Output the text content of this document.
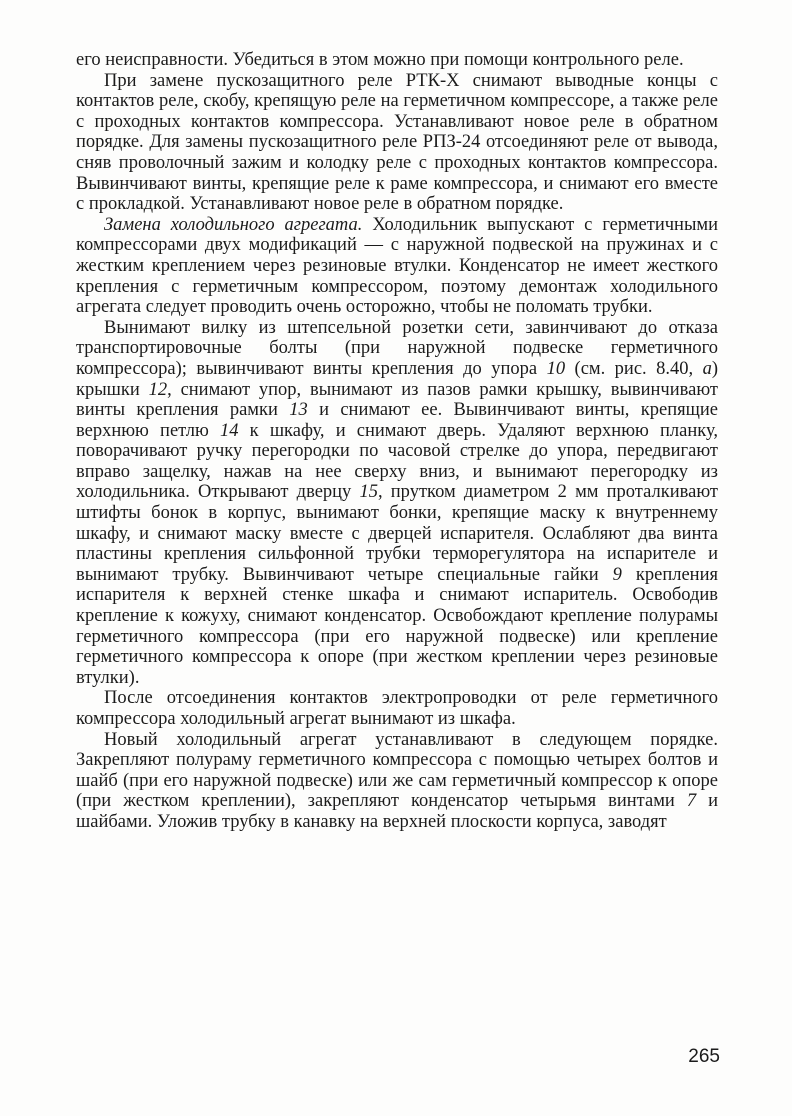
его неисправности. Убедиться в этом можно при помощи контрольного реле.

При замене пускозащитного реле РТК-Х снимают выводные концы с контактов реле, скобу, крепящую реле на герметичном компрессоре, а также реле с проходных контактов компрессора. Устанавливают новое реле в обратном порядке. Для замены пускозащитного реле РПЗ-24 отсоединяют реле от вывода, сняв проволочный зажим и колодку реле с проходных контактов компрессора. Вывинчивают винты, крепящие реле к раме компрессора, и снимают его вместе с прокладкой. Устанавливают новое реле в обратном порядке.

Замена холодильного агрегата. Холодильник выпускают с герметичными компрессорами двух модификаций — с наружной подвеской на пружинах и с жестким креплением через резиновые втулки. Конденсатор не имеет жесткого крепления с герметичным компрессором, поэтому демонтаж холодильного агрегата следует проводить очень осторожно, чтобы не поломать трубки.

Вынимают вилку из штепсельной розетки сети, завинчивают до отказа транспортировочные болты (при наружной подвеске герметичного компрессора); вывинчивают винты крепления до упора 10 (см. рис. 8.40, а) крышки 12, снимают упор, вынимают из пазов рамки крышку, вывинчивают винты крепления рамки 13 и снимают ее. Вывинчивают винты, крепящие верхнюю петлю 14 к шкафу, и снимают дверь. Удаляют верхнюю планку, поворачивают ручку перегородки по часовой стрелке до упора, передвигают вправо защелку, нажав на нее сверху вниз, и вынимают перегородку из холодильника. Открывают дверцу 15, прутком диаметром 2 мм проталкивают штифты бонок в корпус, вынимают бонки, крепящие маску к внутреннему шкафу, и снимают маску вместе с дверцей испарителя. Ослабляют два винта пластины крепления сильфонной трубки терморегулятора на испарителе и вынимают трубку. Вывинчивают четыре специальные гайки 9 крепления испарителя к верхней стенке шкафа и снимают испаритель. Освободив крепление к кожуху, снимают конденсатор. Освобождают крепление полурамы герметичного компрессора (при его наружной подвеске) или крепление герметичного компрессора к опоре (при жестком креплении через резиновые втулки).

После отсоединения контактов электропроводки от реле герметичного компрессора холодильный агрегат вынимают из шкафа.

Новый холодильный агрегат устанавливают в следующем порядке. Закрепляют полураму герметичного компрессора с помощью четырех болтов и шайб (при его наружной подвеске) или же сам герметичный компрессор к опоре (при жестком креплении), закрепляют конденсатор четырьмя винтами 7 и шайбами. Уложив трубку в канавку на верхней плоскости корпуса, заводят

265
